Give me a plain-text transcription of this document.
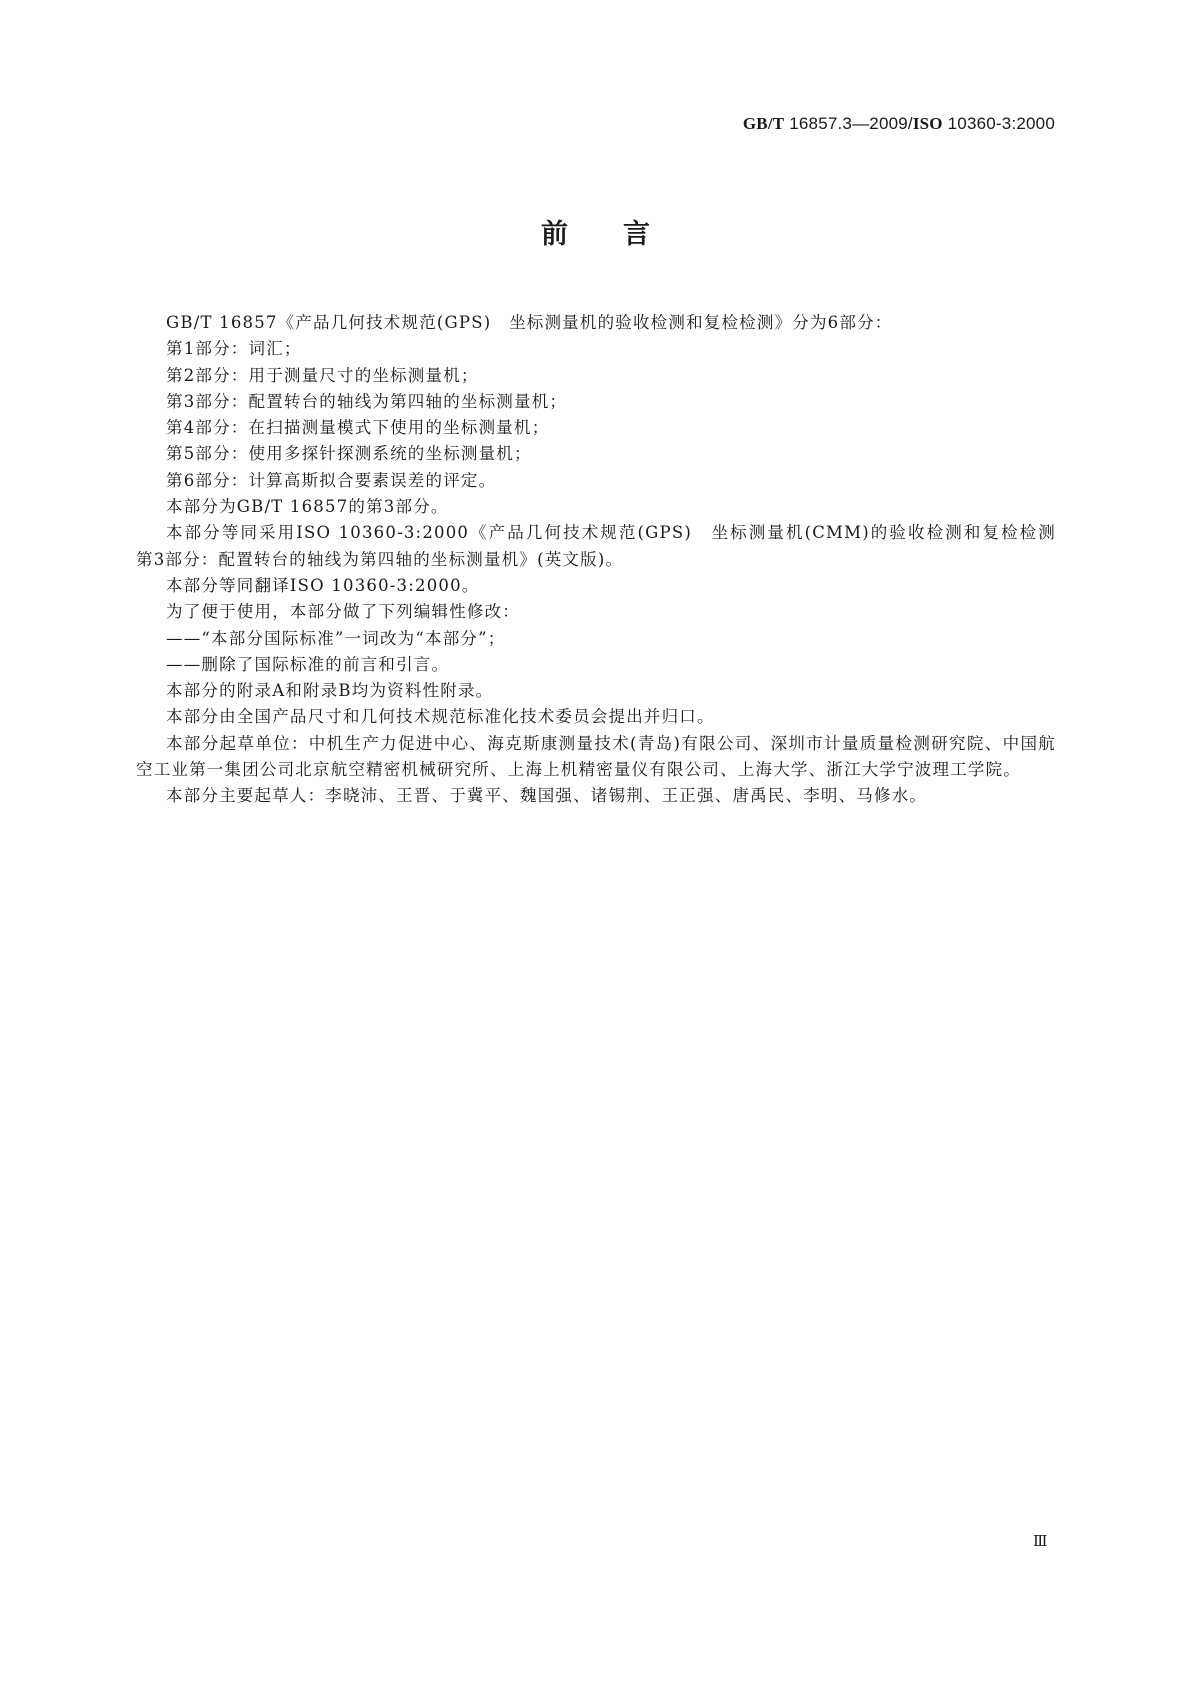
GB/T 16857.3—2009/ISO 10360-3:2000
前言

GB/T 16857《产品几何技术规范(GPS)　坐标测量机的验收检测和复检检测》分为6部分：

第1部分：词汇；

第2部分：用于测量尺寸的坐标测量机；

第3部分：配置转台的轴线为第四轴的坐标测量机；

第4部分：在扫描测量模式下使用的坐标测量机；

第5部分：使用多探针探测系统的坐标测量机；

第6部分：计算高斯拟合要素误差的评定。

本部分为GB/T 16857的第3部分。

本部分等同采用ISO 10360-3:2000《产品几何技术规范(GPS)　坐标测量机(CMM)的验收检测和复检检测　第3部分：配置转台的轴线为第四轴的坐标测量机》(英文版)。

本部分等同翻译ISO 10360-3:2000。

为了便于使用，本部分做了下列编辑性修改：

——“本部分国际标准”一词改为“本部分”；

——删除了国际标准的前言和引言。

本部分的附录A和附录B均为资料性附录。

本部分由全国产品尺寸和几何技术规范标准化技术委员会提出并归口。

本部分起草单位：中机生产力促进中心、海克斯康测量技术(青岛)有限公司、深圳市计量质量检测研究院、中国航空工业第一集团公司北京航空精密机械研究所、上海上机精密量仪有限公司、上海大学、浙江大学宁波理工学院。

本部分主要起草人：李晓沛、王晋、于冀平、魏国强、诸锡荆、王正强、唐禹民、李明、马修水。

Ⅲ
